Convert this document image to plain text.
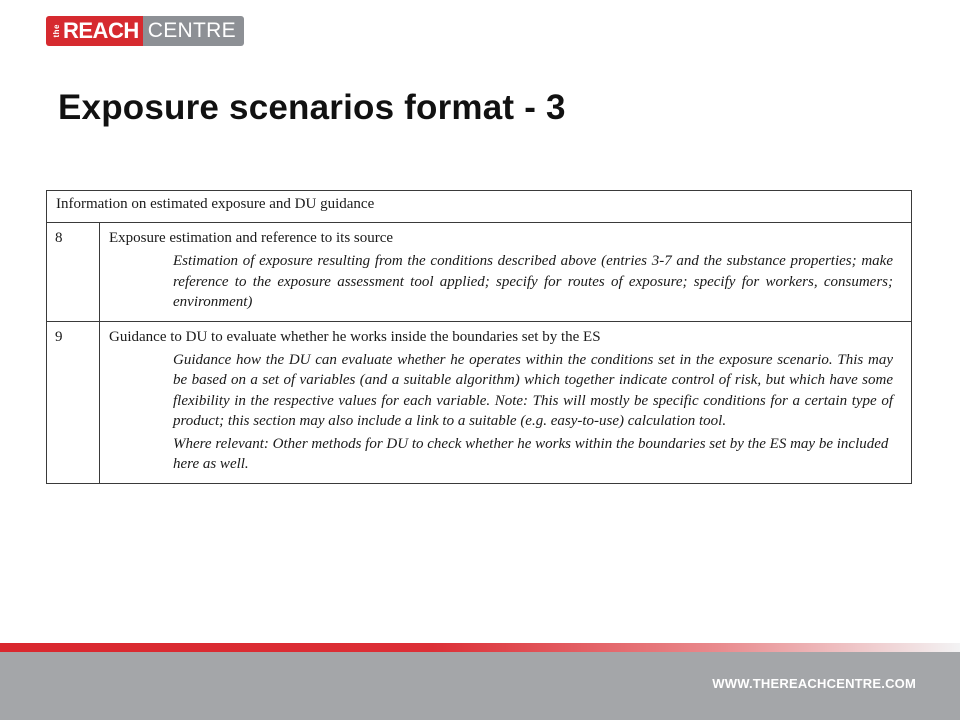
the REACH CENTRE
Exposure scenarios format - 3
Information on estimated exposure and DU guidance	
8	Exposure estimation and reference to its source

Estimation of exposure resulting from the conditions described above (entries 3-7 and the substance properties; make reference to the exposure assessment tool applied; specify for routes of exposure; specify for workers, consumers; environment)

9	Guidance to DU to evaluate whether he works inside the boundaries set by the ES

Guidance how the DU can evaluate whether he operates within the conditions set in the exposure scenario. This may be based on a set of variables (and a suitable algorithm) which together indicate control of risk, but which have some flexibility in the respective values for each variable. Note: This will mostly be specific conditions for a certain type of product; this section may also include a link to a suitable (e.g. easy-to-use) calculation tool.

Where relevant: Other methods for DU to check whether he works within the boundaries set by the ES may be included here as well.

WWW.THEREACHCENTRE.COM
